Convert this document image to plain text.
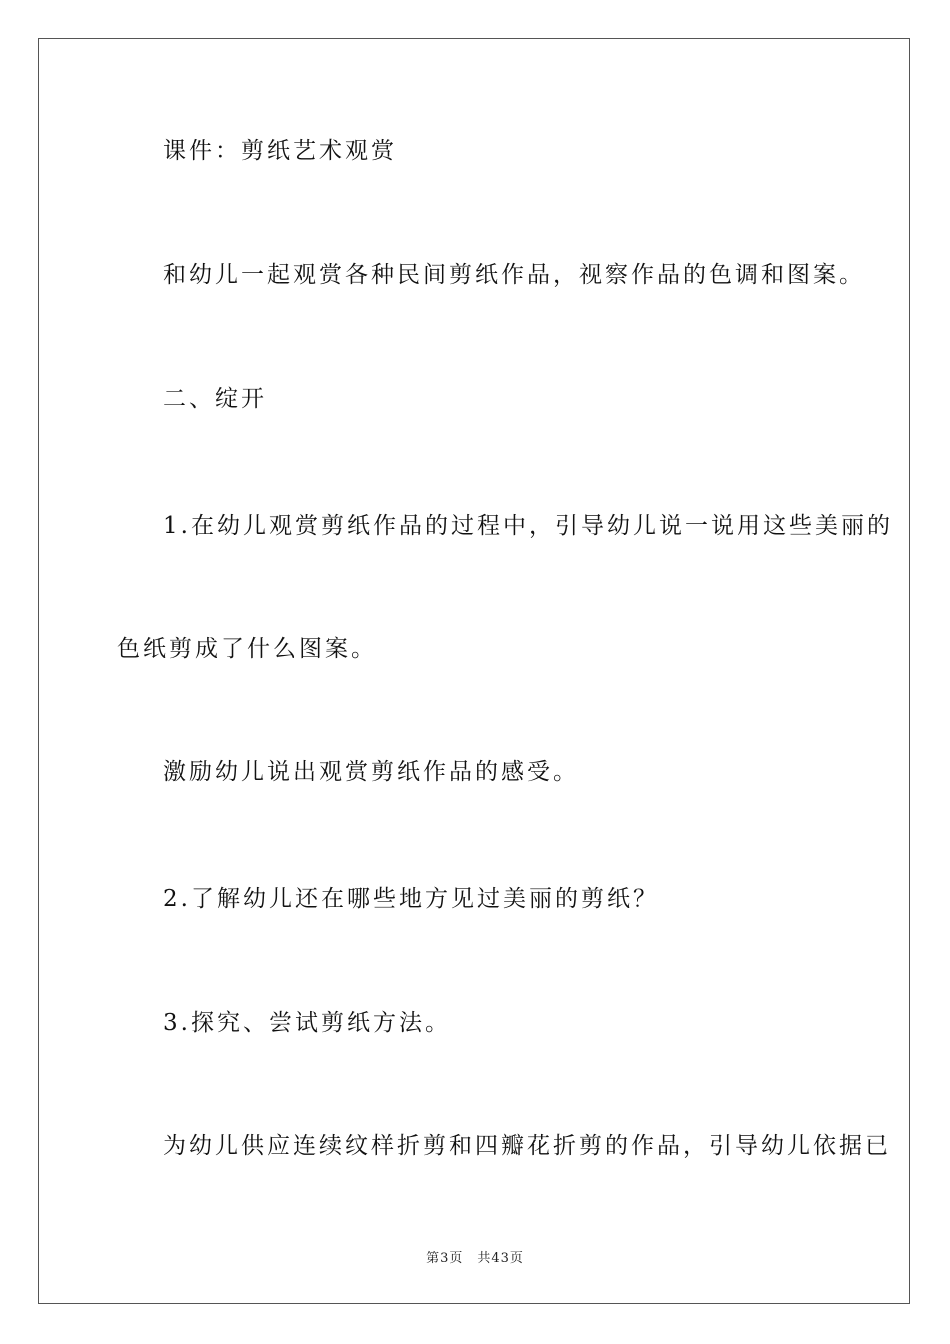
课件：剪纸艺术观赏
和幼儿一起观赏各种民间剪纸作品，视察作品的色调和图案。
二、绽开
1.在幼儿观赏剪纸作品的过程中，引导幼儿说一说用这些美丽的
色纸剪成了什么图案。
激励幼儿说出观赏剪纸作品的感受。
2.了解幼儿还在哪些地方见过美丽的剪纸？
3.探究、尝试剪纸方法。
为幼儿供应连续纹样折剪和四瓣花折剪的作品，引导幼儿依据已
第3页 共43页
